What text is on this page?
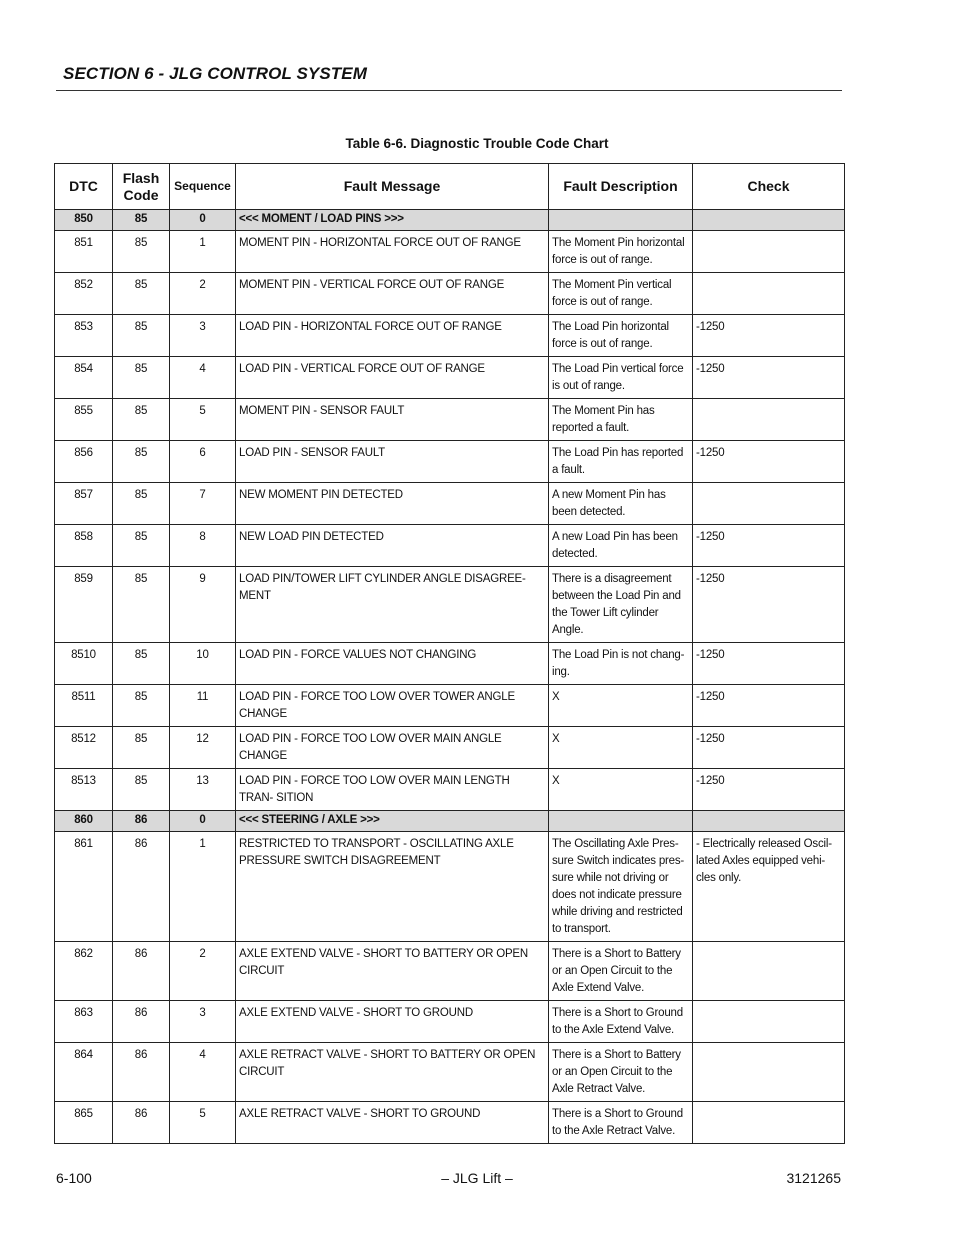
SECTION 6 - JLG CONTROL SYSTEM
Table 6-6. Diagnostic Trouble Code Chart
DTC	Flash Code	Sequence	Fault Message	Fault Description	Check
850	85	0	<<< MOMENT / LOAD PINS >>>		
851	85	1	MOMENT PIN - HORIZONTAL FORCE OUT OF RANGE	The Moment Pin horizontal force is out of range.	
852	85	2	MOMENT PIN - VERTICAL FORCE OUT OF RANGE	The Moment Pin vertical force is out of range.	
853	85	3	LOAD PIN - HORIZONTAL FORCE OUT OF RANGE	The Load Pin horizontal force is out of range.	-1250
854	85	4	LOAD PIN - VERTICAL FORCE OUT OF RANGE	The Load Pin vertical force is out of range.	-1250
855	85	5	MOMENT PIN - SENSOR FAULT	The Moment Pin has reported a fault.	
856	85	6	LOAD PIN - SENSOR FAULT	The Load Pin has reported a fault.	-1250
857	85	7	NEW MOMENT PIN DETECTED	A new Moment Pin has been detected.	
858	85	8	NEW LOAD PIN DETECTED	A new Load Pin has been detected.	-1250
859	85	9	LOAD PIN/TOWER LIFT CYLINDER ANGLE DISAGREE- MENT	There is a disagreement between the Load Pin and the Tower Lift cylinder Angle.	-1250
8510	85	10	LOAD PIN - FORCE VALUES NOT CHANGING	The Load Pin is not chang- ing.	-1250
8511	85	11	LOAD PIN - FORCE TOO LOW OVER TOWER ANGLE CHANGE	X	-1250
8512	85	12	LOAD PIN - FORCE TOO LOW OVER MAIN ANGLE CHANGE	X	-1250
8513	85	13	LOAD PIN - FORCE TOO LOW OVER MAIN LENGTH TRAN- SITION	X	-1250
860	86	0	<<< STEERING / AXLE >>>		
861	86	1	RESTRICTED TO TRANSPORT - OSCILLATING AXLE PRESSURE SWITCH DISAGREEMENT	The Oscillating Axle Pres- sure Switch indicates pres- sure while not driving or does not indicate pressure while driving and restricted to transport.	- Electrically released Oscil- lated Axles equipped vehi- cles only.
862	86	2	AXLE EXTEND VALVE - SHORT TO BATTERY OR OPEN CIRCUIT	There is a Short to Battery or an Open Circuit to the Axle Extend Valve.	
863	86	3	AXLE EXTEND VALVE - SHORT TO GROUND	There is a Short to Ground to the Axle Extend Valve.	
864	86	4	AXLE RETRACT VALVE - SHORT TO BATTERY OR OPEN CIRCUIT	There is a Short to Battery or an Open Circuit to the Axle Retract Valve.	
865	86	5	AXLE RETRACT VALVE - SHORT TO GROUND	There is a Short to Ground to the Axle Retract Valve.	
6-100	– JLG Lift –	3121265
